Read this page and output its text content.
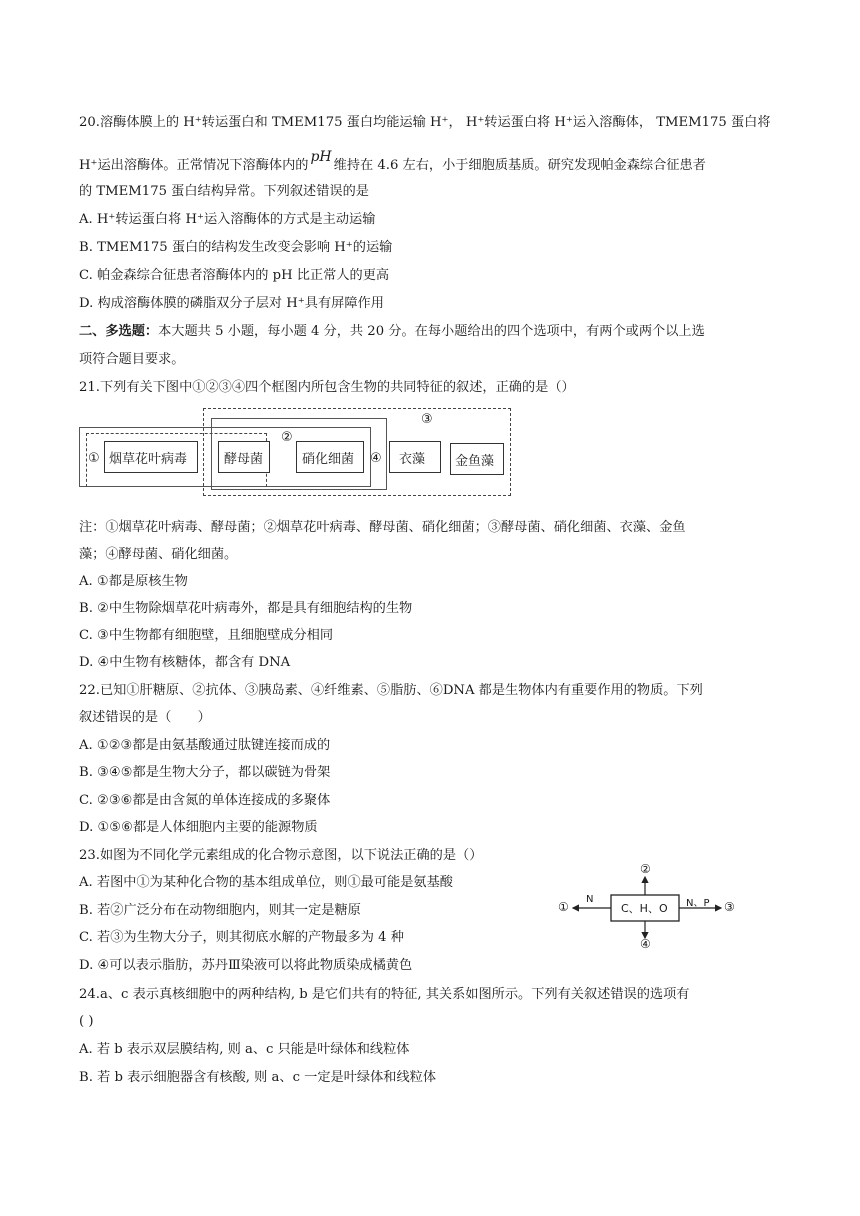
20.溶酶体膜上的 H⁺转运蛋白和 TMEM175 蛋白均能运输 H⁺， H⁺转运蛋白将 H⁺运入溶酶体， TMEM175 蛋白将
H⁺运出溶酶体。正常情况下溶酶体内的pH维持在 4.6 左右，小于细胞质基质。研究发现帕金森综合征患者
的 TMEM175 蛋白结构异常。下列叙述错误的是
A. H⁺转运蛋白将 H⁺运入溶酶体的方式是主动运输
B. TMEM175 蛋白的结构发生改变会影响 H⁺的运输
C. 帕金森综合征患者溶酶体内的 pH 比正常人的更高
D. 构成溶酶体膜的磷脂双分子层对 H⁺具有屏障作用
二、多选题：本大题共 5 小题，每小题 4 分，共 20 分。在每小题给出的四个选项中，有两个或两个以上选
项符合题目要求。
21.下列有关下图中①②③④四个框图内所包含生物的共同特征的叙述，正确的是（）
烟草花叶病毒	酵母菌	硝化细菌	衣藻 金鱼藻
①
②
③
④
注：①烟草花叶病毒、酵母菌；②烟草花叶病毒、酵母菌、硝化细菌；③酵母菌、硝化细菌、衣藻、金鱼
藻；④酵母菌、硝化细菌。
A. ①都是原核生物
B. ②中生物除烟草花叶病毒外，都是具有细胞结构的生物
C. ③中生物都有细胞壁，且细胞壁成分相同
D. ④中生物有核糖体，都含有 DNA
22.已知①肝糖原、②抗体、③胰岛素、④纤维素、⑤脂肪、⑥DNA 都是生物体内有重要作用的物质。下列
叙述错误的是（　　）
A. ①②③都是由氨基酸通过肽键连接而成的
B. ③④⑤都是生物大分子，都以碳链为骨架
C. ②③⑥都是由含氮的单体连接成的多聚体
D. ①⑤⑥都是人体细胞内主要的能源物质
23.如图为不同化学元素组成的化合物示意图，以下说法正确的是（）
A. 若图中①为某种化合物的基本组成单位，则①最可能是氨基酸
B. 若②广泛分布在动物细胞内，则其一定是糖原
C. 若③为生物大分子，则其彻底水解的产物最多为 4 种
D. ④可以表示脂肪，苏丹Ⅲ染液可以将此物质染成橘黄色
C、H、O
N	N、P
①
②
③
④
24.a、c 表示真核细胞中的两种结构, b 是它们共有的特征, 其关系如图所示。下列有关叙述错误的选项有
( )
A. 若 b 表示双层膜结构, 则 a、c 只能是叶绿体和线粒体
B. 若 b 表示细胞器含有核酸, 则 a、c 一定是叶绿体和线粒体
